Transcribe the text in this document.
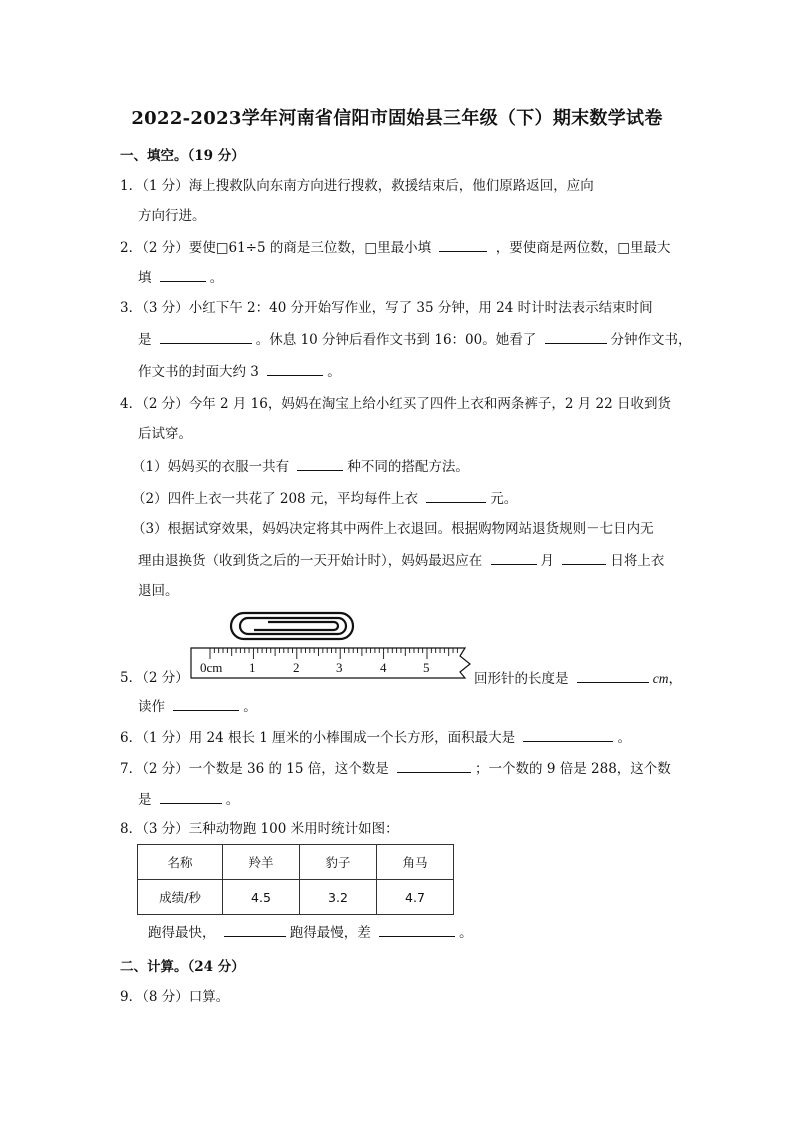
2022-2023学年河南省信阳市固始县三年级（下）期末数学试卷
一、填空。（19 分）
1．（1 分）海上搜救队向东南方向进行搜救，救援结束后，他们原路返回，应向
方向行进。
2．（2 分）要使□61÷5 的商是三位数，□里最小填	，要使商是两位数，□里最大
填	。
3．（3 分）小红下午 2：40 分开始写作业，写了 35 分钟，用 24 时计时法表示结束时间
是	。休息 10 分钟后看作文书到 16：00。她看了	分钟作文书，
作文书的封面大约 3	。
4．（2 分）今年 2 月 16，妈妈在淘宝上给小红买了四件上衣和两条裤子，2 月 22 日收到货
后试穿。
（1）妈妈买的衣服一共有	种不同的搭配方法。
（2）四件上衣一共花了 208 元，平均每件上衣	元。
（3）根据试穿效果，妈妈决定将其中两件上衣退回。根据购物网站退货规则－七日内无
理由退换货（收到货之后的一天开始计时），妈妈最迟应在	月	日将上衣
退回。
0cm 1	2	3	4	5
5．（2 分）	回形针的长度是	cm，
读作	。
6．（1 分）用 24 根长 1 厘米的小棒围成一个长方形，面积最大是	。
7．（2 分）一个数是 36 的 15 倍，这个数是	；一个数的 9 倍是 288，这个数
是	。
8．（3 分）三种动物跑 100 米用时统计如图：
名称	羚羊	豹子	角马
成绩/秒	4.5	3.2	4.7
跑得最快，	跑得最慢，差	。
二、计算。（24 分）
9．（8 分）口算。
